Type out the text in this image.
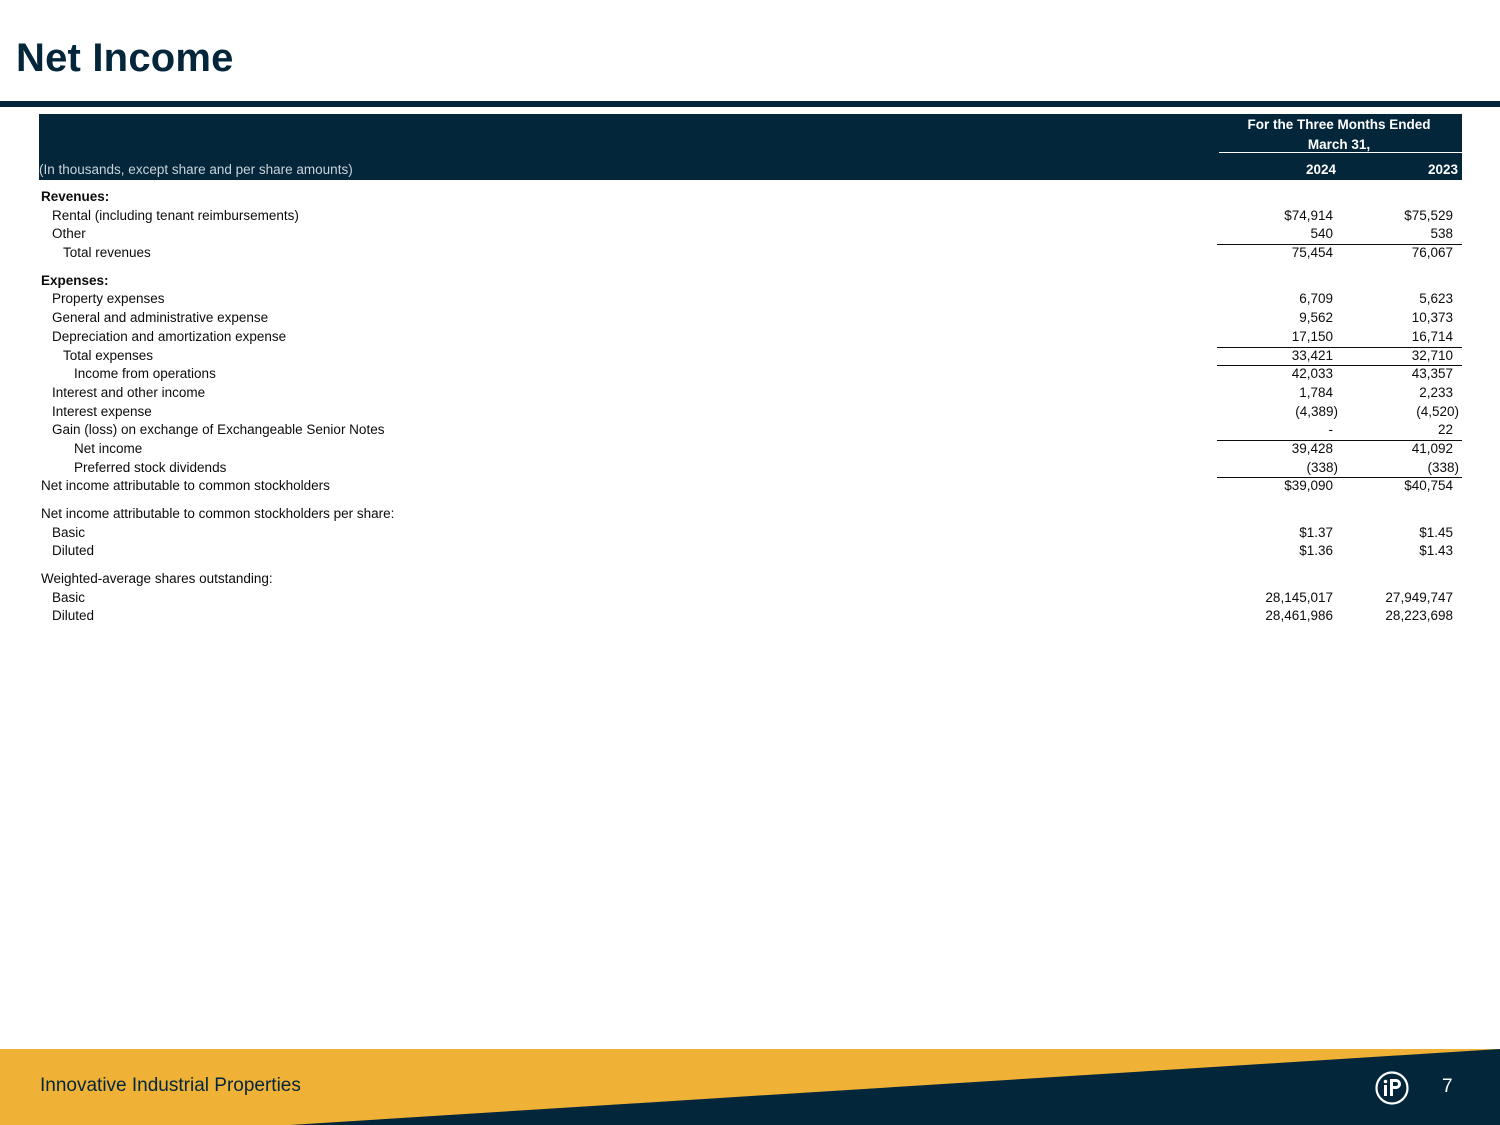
Net Income
For the Three Months Ended
March 31,
(In thousands, except share and per share amounts)	2024	2023
Revenues:
Rental (including tenant reimbursements)	$74,914	$75,529
Other	540	538
Total revenues	75,454	76,067
Expenses:
Property expenses	6,709	5,623
General and administrative expense	9,562	10,373
Depreciation and amortization expense	17,150	16,714
Total expenses	33,421	32,710
Income from operations	42,033	43,357
Interest and other income	1,784	2,233
Interest expense	(4,389)	(4,520)
Gain (loss) on exchange of Exchangeable Senior Notes	-	22
Net income	39,428	41,092
Preferred stock dividends	(338)	(338)
Net income attributable to common stockholders	$39,090	$40,754
Net income attributable to common stockholders per share:
Basic	$1.37	$1.45
Diluted	$1.36	$1.43
Weighted-average shares outstanding:
Basic	28,145,017	27,949,747
Diluted	28,461,986	28,223,698
Innovative Industrial Properties	7
